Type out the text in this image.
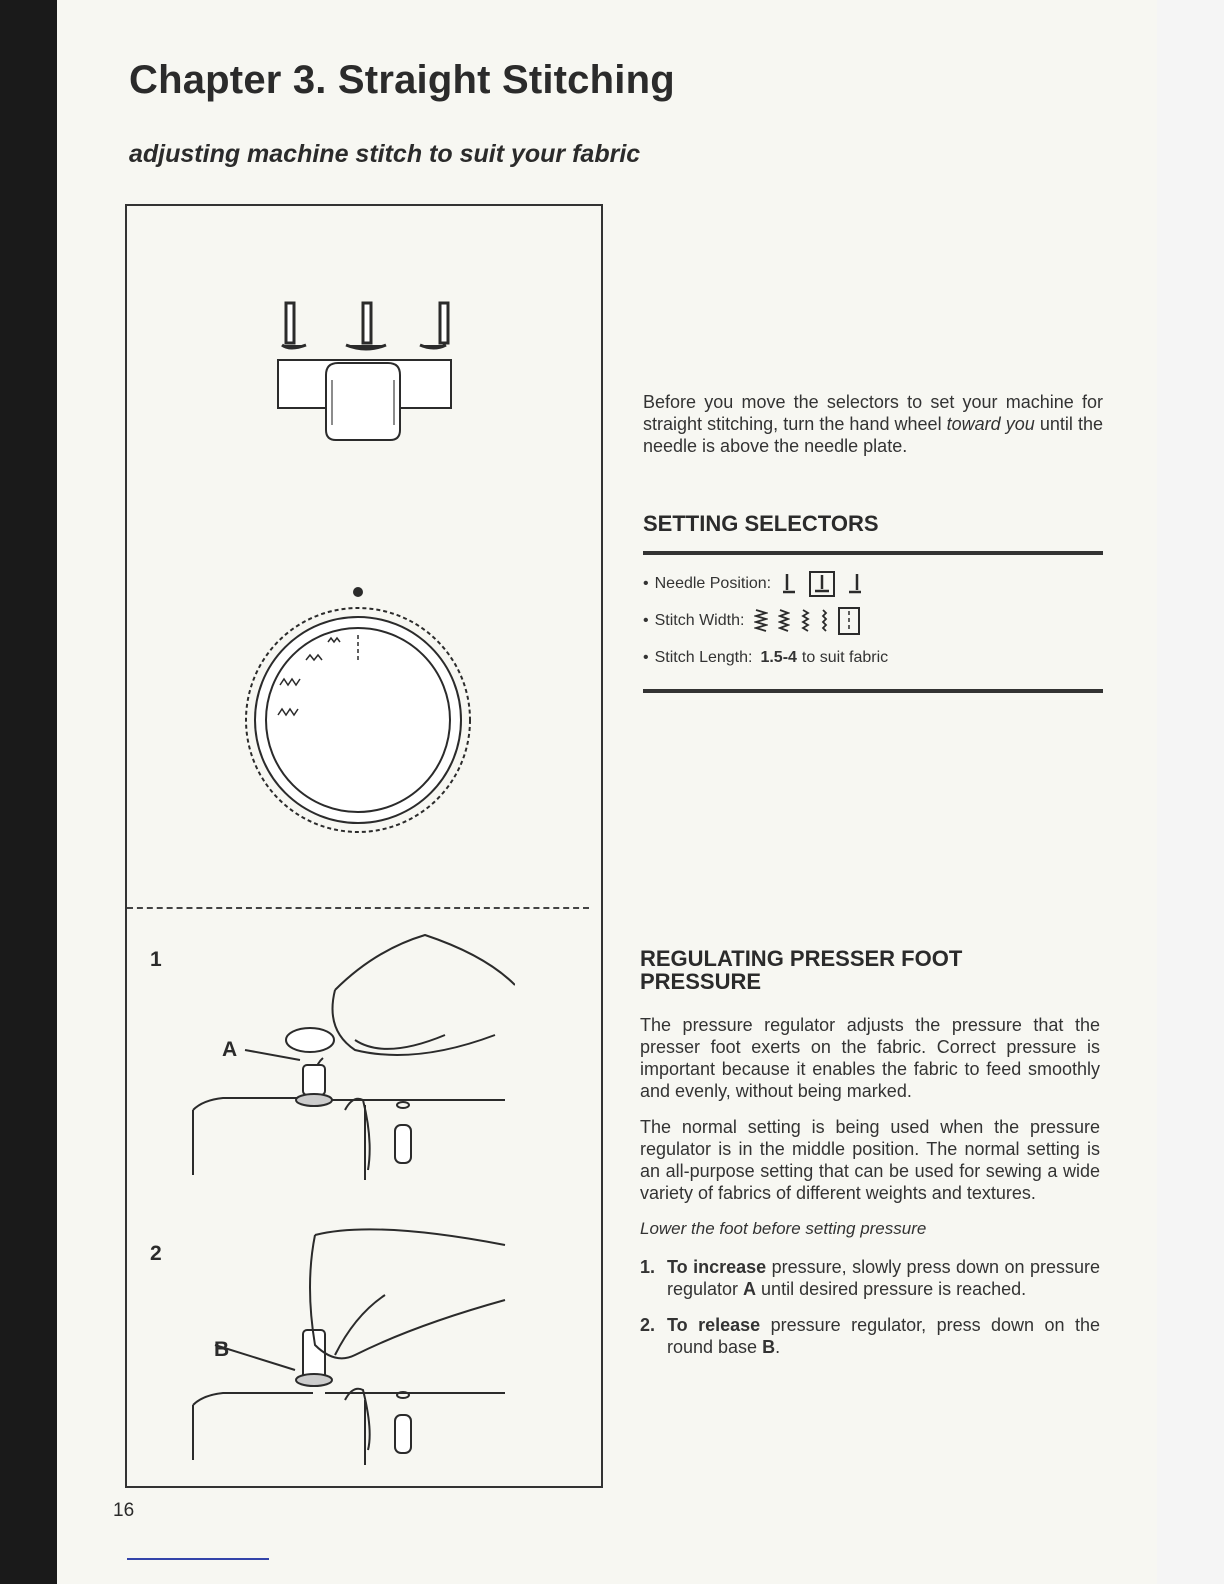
Chapter 3. Straight Stitching
adjusting machine stitch to suit your fabric
1
2
A
B

Before you move the selectors to set your machine for straight stitching, turn the hand wheel toward you until the needle is above the needle plate.

SETTING SELECTORS
• Needle Position:
• Stitch Width:
• Stitch Length: 1.5-4 to suit fabric
REGULATING PRESSER FOOT
PRESSURE

The pressure regulator adjusts the pressure that the presser foot exerts on the fabric. Correct pressure is important because it enables the fabric to feed smoothly and evenly, without being marked.

The normal setting is being used when the pressure regulator is in the middle position. The normal setting is an all-purpose setting that can be used for sewing a wide variety of fabrics of different weights and textures.

Lower the foot before setting pressure

1. To increase pressure, slowly press down on pressure regulator A until desired pressure is reached.
2. To release pressure regulator, press down on the round base B.
16
